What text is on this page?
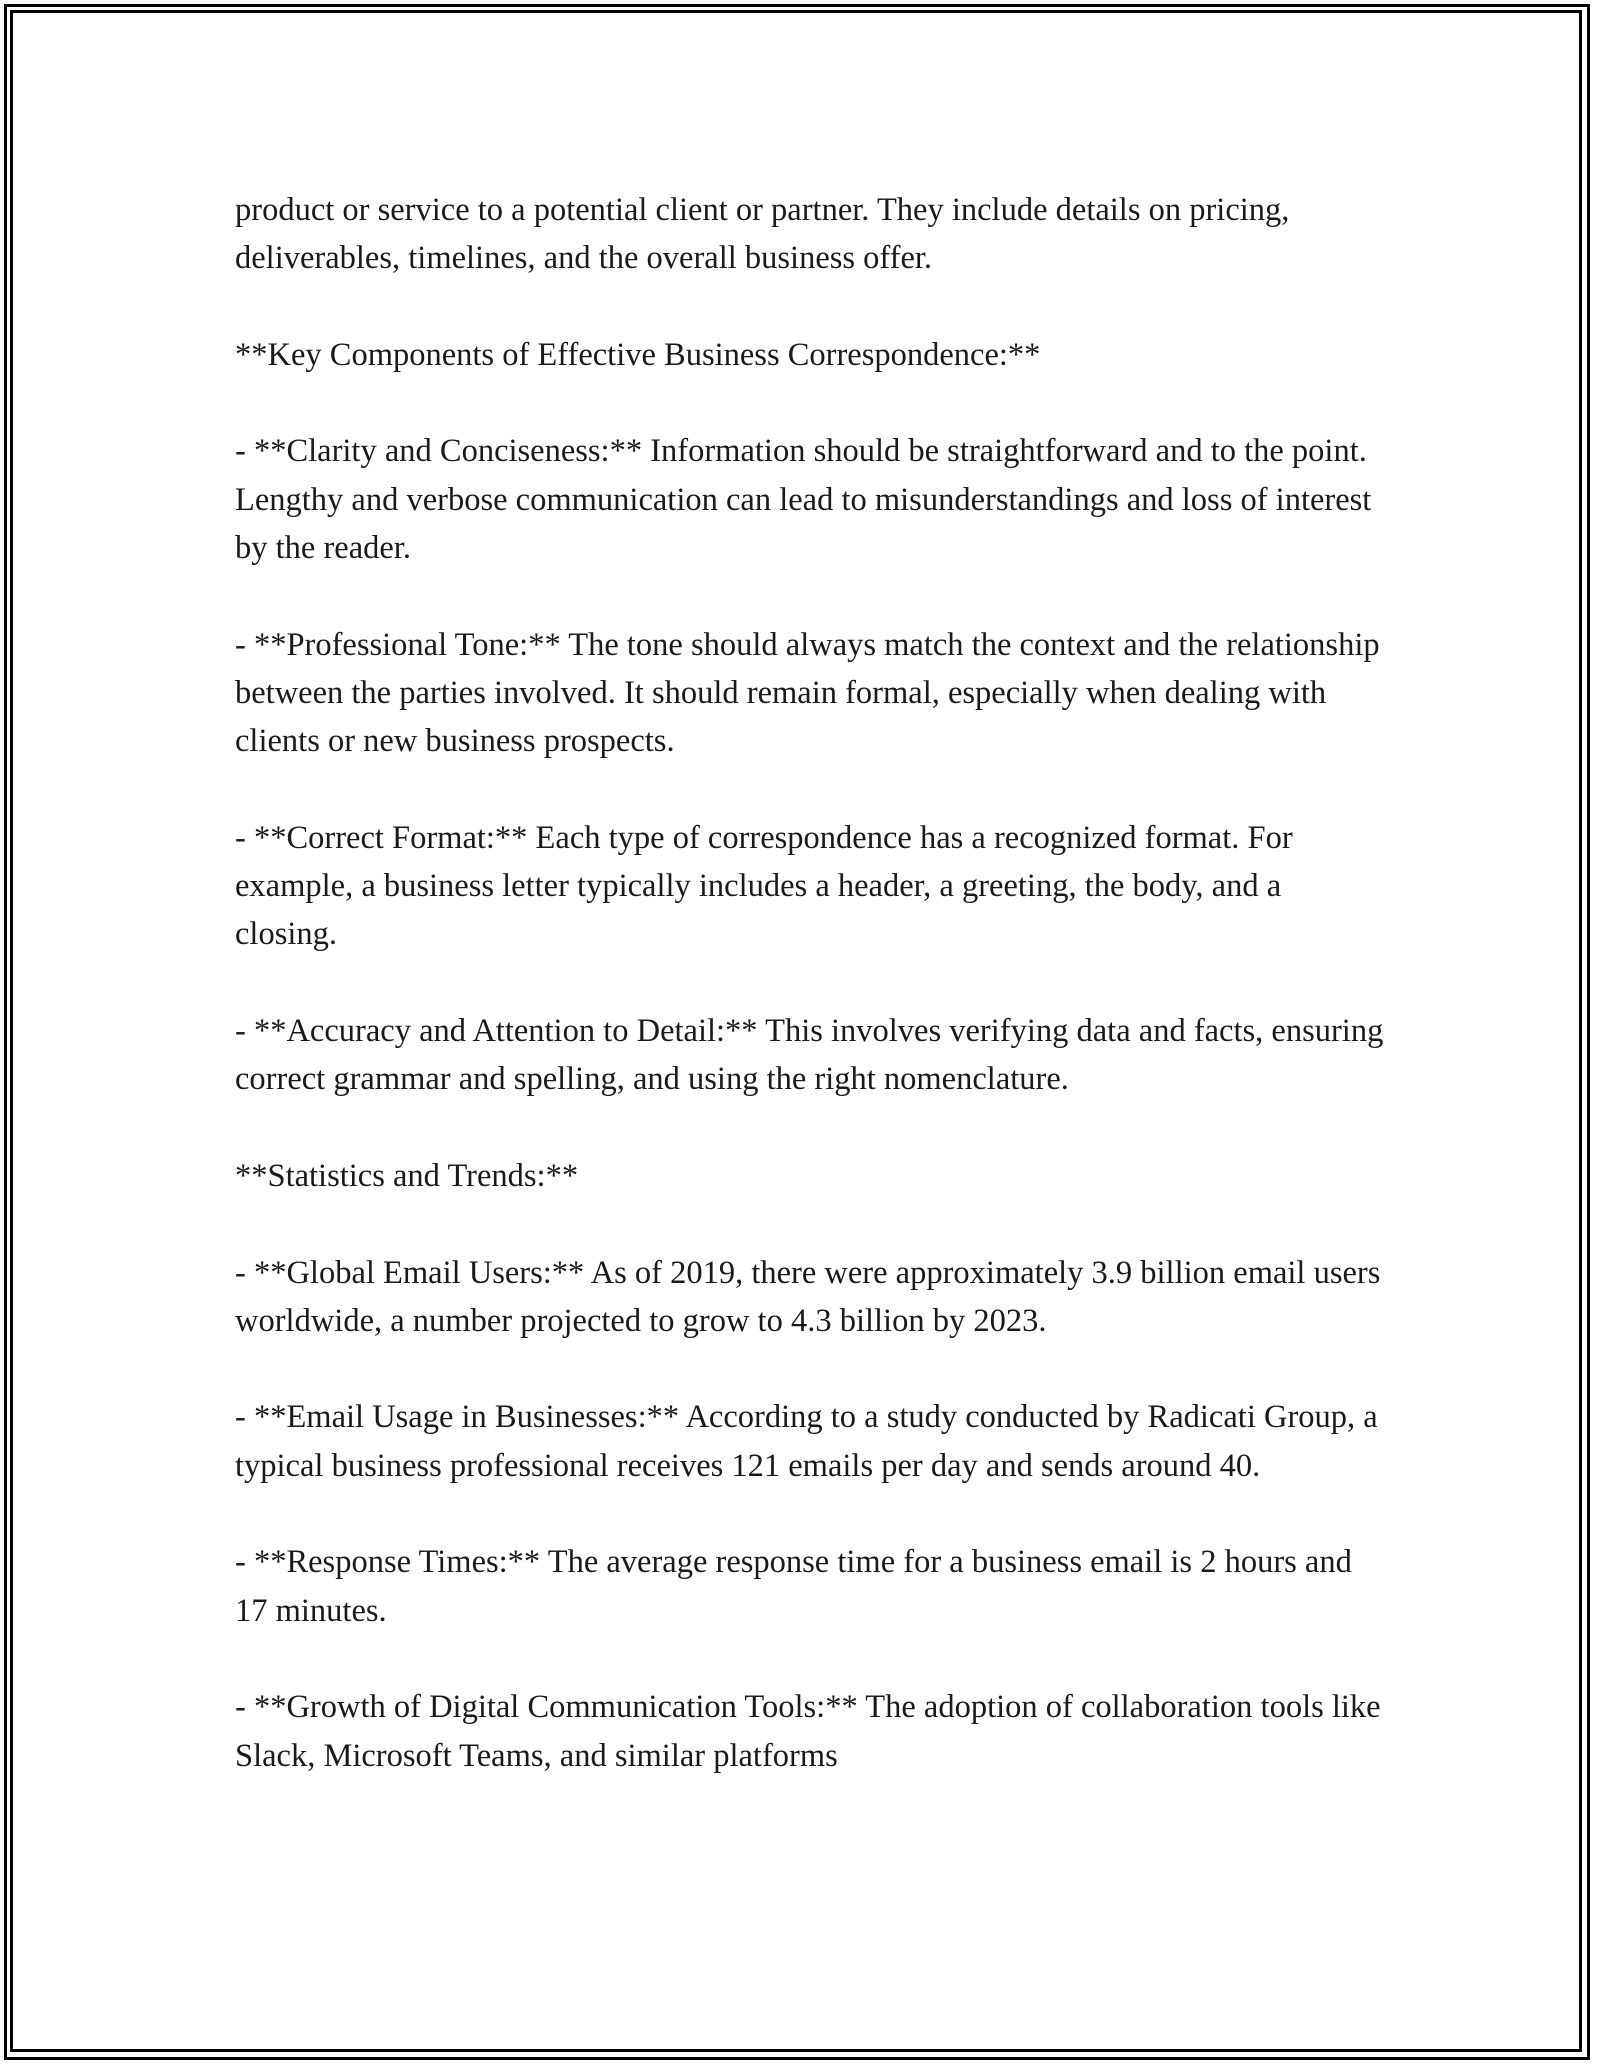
product or service to a potential client or partner. They include details on pricing, deliverables, timelines, and the overall business offer.

**Key Components of Effective Business Correspondence:**

- **Clarity and Conciseness:** Information should be straightforward and to the point. Lengthy and verbose communication can lead to misunderstandings and loss of interest by the reader.

- **Professional Tone:** The tone should always match the context and the relationship between the parties involved. It should remain formal, especially when dealing with clients or new business prospects.

- **Correct Format:** Each type of correspondence has a recognized format. For example, a business letter typically includes a header, a greeting, the body, and a closing.

- **Accuracy and Attention to Detail:** This involves verifying data and facts, ensuring correct grammar and spelling, and using the right nomenclature.

**Statistics and Trends:**

- **Global Email Users:** As of 2019, there were approximately 3.9 billion email users worldwide, a number projected to grow to 4.3 billion by 2023.

- **Email Usage in Businesses:** According to a study conducted by Radicati Group, a typical business professional receives 121 emails per day and sends around 40.

- **Response Times:** The average response time for a business email is 2 hours and 17 minutes.

- **Growth of Digital Communication Tools:** The adoption of collaboration tools like Slack, Microsoft Teams, and similar platforms
